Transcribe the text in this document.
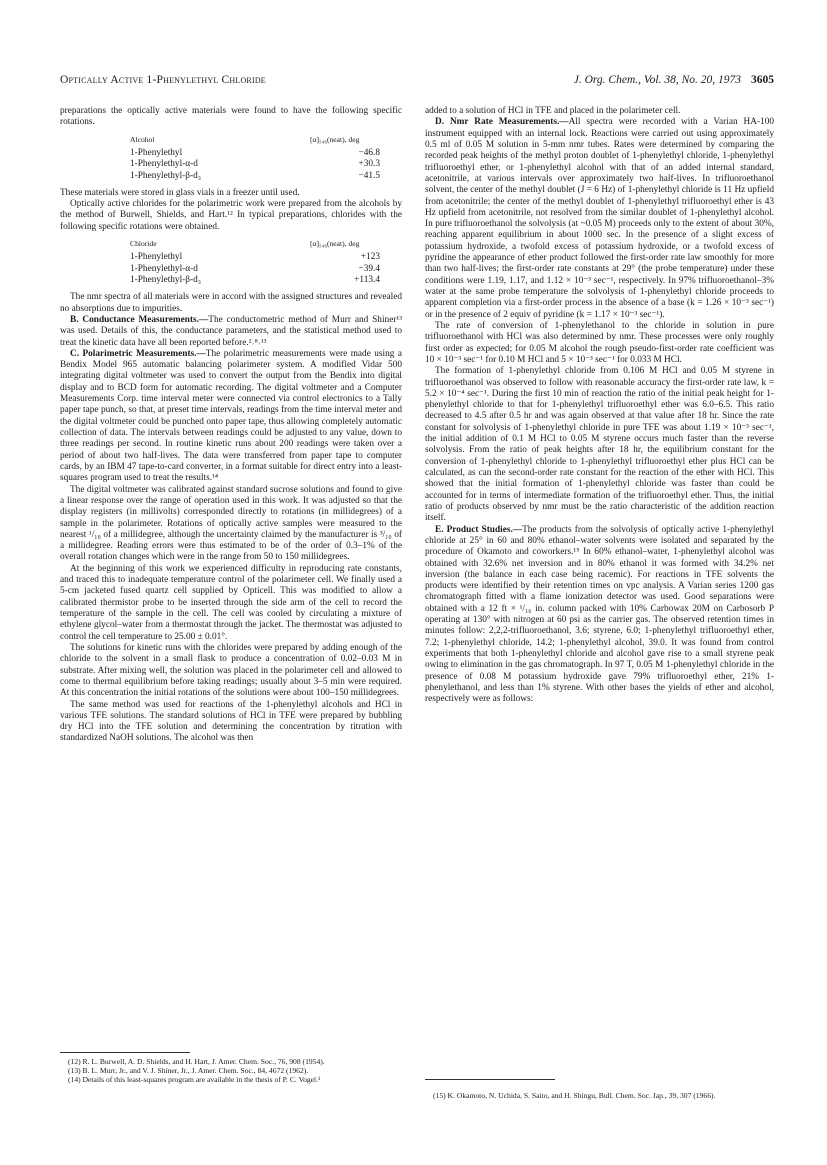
Optically Active 1-Phenylethyl Chloride	J. Org. Chem., Vol. 38, No. 20, 1973 3605

preparations the optically active materials were found to have the following specific rotations.

Alcohol	[α]₅₄₆(neat), deg
1-Phenylethyl	−46.8
1-Phenylethyl-α-d	+30.3
1-Phenylethyl-β-d₃	−41.5

These materials were stored in glass vials in a freezer until used.

Optically active chlorides for the polarimetric work were prepared from the alcohols by the method of Burwell, Shields, and Hart.¹² In typical preparations, chlorides with the following specific rotations were obtained.

Chloride	[α]₅₄₆(neat), deg
1-Phenylethyl	+123
1-Phenylethyl-α-d	−39.4
1-Phenylethyl-β-d₃	+113.4

The nmr spectra of all materials were in accord with the assigned structures and revealed no absorptions due to impurities.

B. Conductance Measurements.—The conductometric method of Murr and Shiner¹³ was used. Details of this, the conductance parameters, and the statistical method used to treat the kinetic data have all been reported before.²˒⁸˒¹³

C. Polarimetric Measurements.—The polarimetric measurements were made using a Bendix Model 965 automatic balancing polarimeter system. A modified Vidar 500 integrating digital voltmeter was used to convert the output from the Bendix into digital display and to BCD form for automatic recording. The digital voltmeter and a Computer Measurements Corp. time interval meter were connected via control electronics to a Tally paper tape punch, so that, at preset time intervals, readings from the time interval meter and the digital voltmeter could be punched onto paper tape, thus allowing completely automatic collection of data. The intervals between readings could be adjusted to any value, down to three readings per second. In routine kinetic runs about 200 readings were taken over a period of about two half-lives. The data were transferred from paper tape to computer cards, by an IBM 47 tape-to-card converter, in a format suitable for direct entry into a least-squares program used to treat the results.¹⁴

The digital voltmeter was calibrated against standard sucrose solutions and found to give a linear response over the range of operation used in this work. It was adjusted so that the display registers (in millivolts) corresponded directly to rotations (in millidegrees) of a sample in the polarimeter. Rotations of optically active samples were measured to the nearest ¹/₁₀ of a millidegree, although the uncertainty claimed by the manufacturer is ³/₁₀ of a millidegree. Reading errors were thus estimated to be of the order of 0.3–1% of the overall rotation changes which were in the range from 50 to 150 millidegrees.

At the beginning of this work we experienced difficulty in reproducing rate constants, and traced this to inadequate temperature control of the polarimeter cell. We finally used a 5-cm jacketed fused quartz cell supplied by Opticell. This was modified to allow a calibrated thermistor probe to be inserted through the side arm of the cell to record the temperature of the sample in the cell. The cell was cooled by circulating a mixture of ethylene glycol–water from a thermostat through the jacket. The thermostat was adjusted to control the cell temperature to 25.00 ± 0.01°.

The solutions for kinetic runs with the chlorides were prepared by adding enough of the chloride to the solvent in a small flask to produce a concentration of 0.02–0.03 M in substrate. After mixing well, the solution was placed in the polarimeter cell and allowed to come to thermal equilibrium before taking readings; usually about 3–5 min were required. At this concentration the initial rotations of the solutions were about 100–150 millidegrees.

The same method was used for reactions of the 1-phenylethyl alcohols and HCl in various TFE solutions. The standard solutions of HCl in TFE were prepared by bubbling dry HCl into the TFE solution and determining the concentration by titration with standardized NaOH solutions. The alcohol was then

added to a solution of HCl in TFE and placed in the polarimeter cell.

D. Nmr Rate Measurements.—All spectra were recorded with a Varian HA-100 instrument equipped with an internal lock. Reactions were carried out using approximately 0.5 ml of 0.05 M solution in 5-mm nmr tubes. Rates were determined by comparing the recorded peak heights of the methyl proton doublet of 1-phenylethyl chloride, 1-phenylethyl trifluoroethyl ether, or 1-phenylethyl alcohol with that of an added internal standard, acetonitrile, at various intervals over approximately two half-lives. In trifluoroethanol solvent, the center of the methyl doublet (J = 6 Hz) of 1-phenylethyl chloride is 11 Hz upfield from acetonitrile; the center of the methyl doublet of 1-phenylethyl trifluoroethyl ether is 43 Hz upfield from acetonitrile, not resolved from the similar doublet of 1-phenylethyl alcohol. In pure trifluoroethanol the solvolysis (at ~0.05 M) proceeds only to the extent of about 30%, reaching apparent equilibrium in about 1000 sec. In the presence of a slight excess of potassium hydroxide, a twofold excess of potassium hydroxide, or a twofold excess of pyridine the appearance of ether product followed the first-order rate law smoothly for more than two half-lives; the first-order rate constants at 29° (the probe temperature) under these conditions were 1.19, 1.17, and 1.12 × 10⁻³ sec⁻¹, respectively. In 97% trifluoroethanol–3% water at the same probe temperature the solvolysis of 1-phenylethyl chloride proceeds to apparent completion via a first-order process in the absence of a base (k = 1.26 × 10⁻³ sec⁻¹) or in the presence of 2 equiv of pyridine (k = 1.17 × 10⁻³ sec⁻¹).

The rate of conversion of 1-phenylethanol to the chloride in solution in pure trifluoroethanol with HCl was also determined by nmr. These processes were only roughly first order as expected; for 0.05 M alcohol the rough pseudo-first-order rate coefficient was 10 × 10⁻³ sec⁻¹ for 0.10 M HCl and 5 × 10⁻³ sec⁻¹ for 0.033 M HCl.

The formation of 1-phenylethyl chloride from 0.106 M HCl and 0.05 M styrene in trifluoroethanol was observed to follow with reasonable accuracy the first-order rate law, k = 5.2 × 10⁻⁴ sec⁻¹. During the first 10 min of reaction the ratio of the initial peak height for 1-phenylethyl chloride to that for 1-phenylethyl trifluoroethyl ether was 6.0–6.5. This ratio decreased to 4.5 after 0.5 hr and was again observed at that value after 18 hr. Since the rate constant for solvolysis of 1-phenylethyl chloride in pure TFE was about 1.19 × 10⁻³ sec⁻¹, the initial addition of 0.1 M HCl to 0.05 M styrene occurs much faster than the reverse solvolysis. From the ratio of peak heights after 18 hr, the equilibrium constant for the conversion of 1-phenylethyl chloride to 1-phenylethyl trifluoroethyl ether plus HCl can be calculated, as can the second-order rate constant for the reaction of the ether with HCl. This showed that the initial formation of 1-phenylethyl chloride was faster than could be accounted for in terms of intermediate formation of the trifluoroethyl ether. Thus, the initial ratio of products observed by nmr must be the ratio characteristic of the addition reaction itself.

E. Product Studies.—The products from the solvolysis of optically active 1-phenylethyl chloride at 25° in 60 and 80% ethanol–water solvents were isolated and separated by the procedure of Okamoto and coworkers.¹⁵ In 60% ethanol–water, 1-phenylethyl alcohol was obtained with 32.6% net inversion and in 80% ethanol it was formed with 34.2% net inversion (the balance in each case being racemic). For reactions in TFE solvents the products were identified by their retention times on vpc analysis. A Varian series 1200 gas chromatograph fitted with a flame ionization detector was used. Good separations were obtained with a 12 ft × ¹/₁₆ in. column packed with 10% Carbowax 20M on Carbosorb P operating at 130° with nitrogen at 60 psi as the carrier gas. The observed retention times in minutes follow: 2,2,2-trifluoroethanol, 3.6; styrene, 6.0; 1-phenylethyl trifluoroethyl ether, 7.2; 1-phenylethyl chloride, 14.2; 1-phenylethyl alcohol, 39.0. It was found from control experiments that both 1-phenylethyl chloride and alcohol gave rise to a small styrene peak owing to elimination in the gas chromatograph. In 97 T, 0.05 M 1-phenylethyl chloride in the presence of 0.08 M potassium hydroxide gave 79% trifluoroethyl ether, 21% 1-phenylethanol, and less than 1% styrene. With other bases the yields of ether and alcohol, respectively were as follows:

(12) R. L. Burwell, A. D. Shields, and H. Hart, J. Amer. Chem. Soc., 76, 908 (1954).

(13) B. L. Murr, Jr., and V. J. Shiner, Jr., J. Amer. Chem. Soc., 84, 4672 (1962).

(14) Details of this least-squares program are available in the thesis of P. C. Vogel.¹

(15) K. Okamoto, N. Uchida, S. Saito, and H. Shingu, Bull. Chem. Soc. Jap., 39, 307 (1966).
